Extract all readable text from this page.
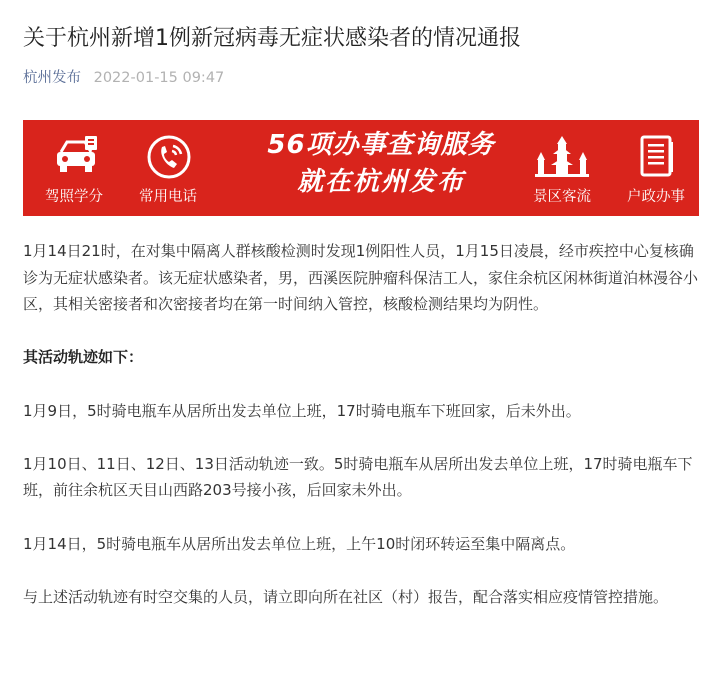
关于杭州新增1例新冠病毒无症状感染者的情况通报
杭州发布 2022-01-15 09:47
驾照学分	常用电话
56项办事查询服务
就在杭州发布	景区客流	户政办事

1月14日21时，在对集中隔离人群核酸检测时发现1例阳性人员，1月15日凌晨，经市疾控中心复核确诊为无症状感染者。该无症状感染者，男，西溪医院肿瘤科保洁工人，家住余杭区闲林街道泊林漫谷小区，其相关密接者和次密接者均在第一时间纳入管控，核酸检测结果均为阴性。

其活动轨迹如下：

1月9日，5时骑电瓶车从居所出发去单位上班，17时骑电瓶车下班回家，后未外出。

1月10日、11日、12日、13日活动轨迹一致。5时骑电瓶车从居所出发去单位上班，17时骑电瓶车下班，前往余杭区天目山西路203号接小孩，后回家未外出。

1月14日，5时骑电瓶车从居所出发去单位上班，上午10时闭环转运至集中隔离点。

与上述活动轨迹有时空交集的人员，请立即向所在社区（村）报告，配合落实相应疫情管控措施。
